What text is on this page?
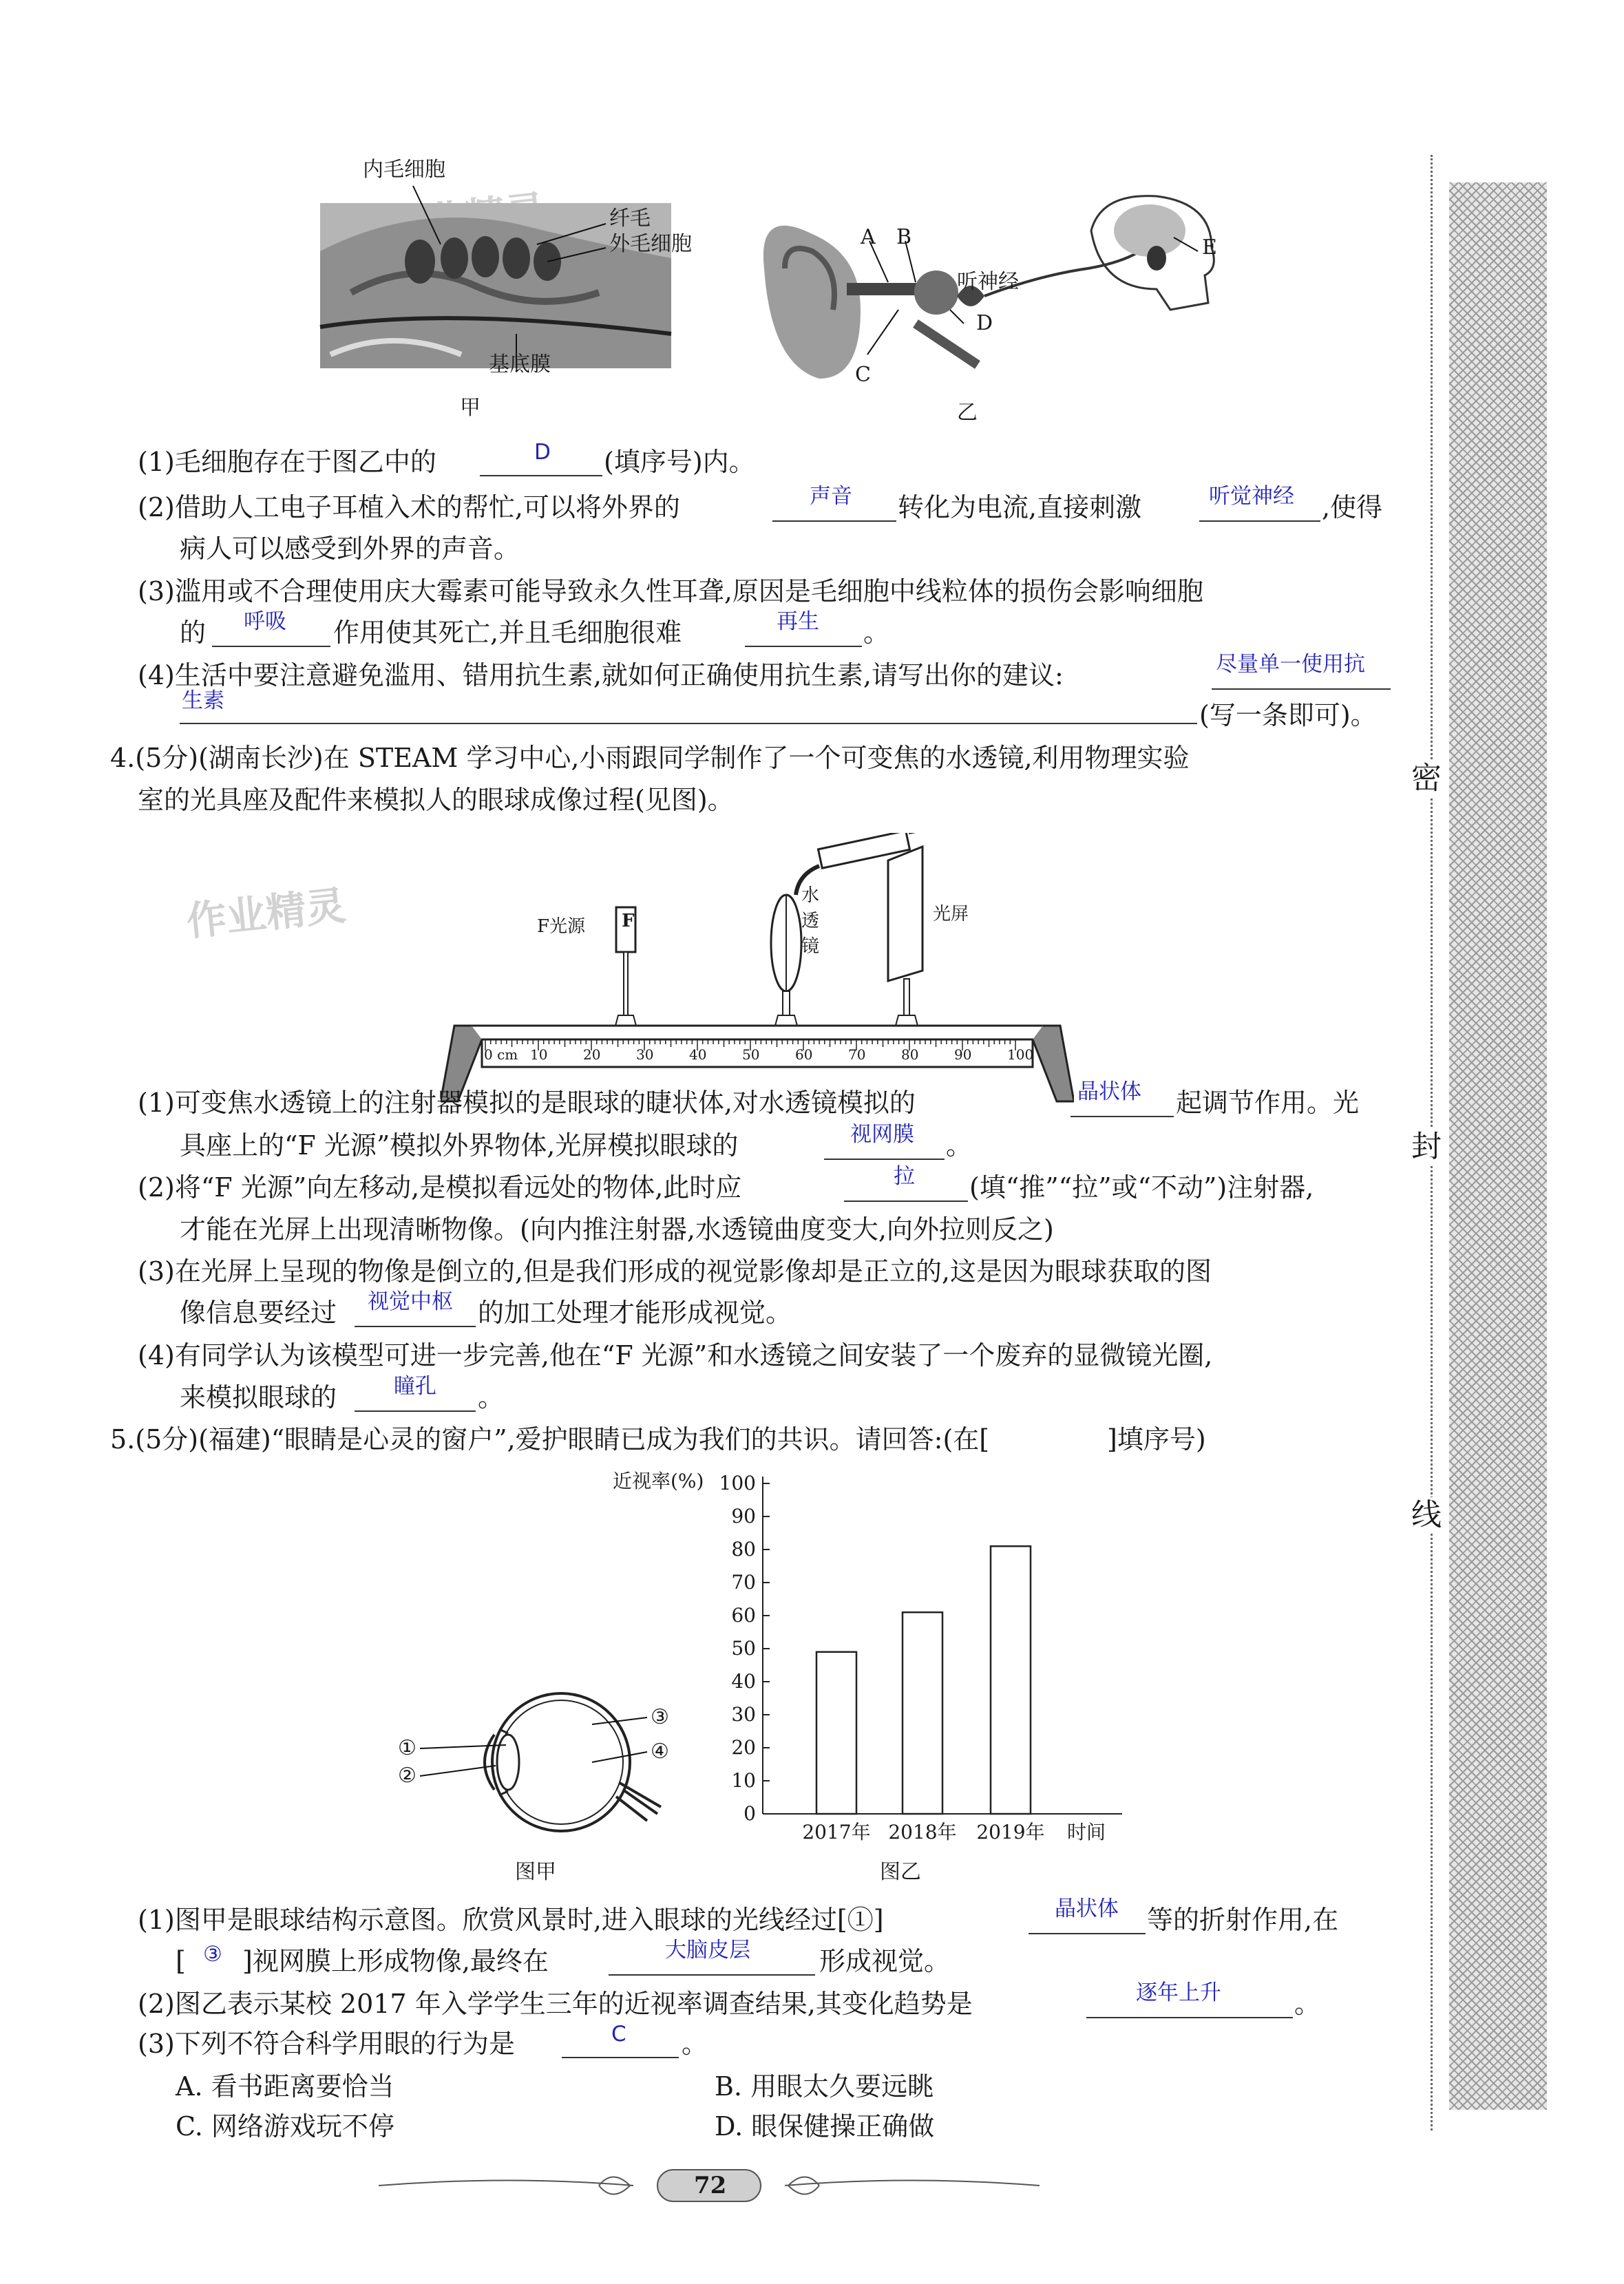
密
封
线
作业精灵
内毛细胞
纤毛
外毛细胞
基底膜
甲
A B	E
听神经
D
C
乙
(1)毛细胞存在于图乙中的	D (填序号)内。
(2)借助人工电子耳植入术的帮忙,可以将外界的	声音 转化为电流,直接刺激	听觉神经 ,使得
病人可以感受到外界的声音。
(3)滥用或不合理使用庆大霉素可能导致永久性耳聋,原因是毛细胞中线粒体的损伤会影响细胞
的 呼吸 作用使其死亡,并且毛细胞很难	再生 。
(4)生活中要注意避免滥用、错用抗生素,就如何正确使用抗生素,请写出你的建议:	尽量单一使用抗
生素	(写一条即可)。
4.(5分)(湖南长沙)在 STEAM 学习中心,小雨跟同学制作了一个可变焦的水透镜,利用物理实验
室的光具座及配件来模拟人的眼球成像过程(见图)。
F光源 F
水
透
镜
光屏
0 cm 10	20	30	40	50	60	70	80	90	100
(1)可变焦水透镜上的注射器模拟的是眼球的睫状体,对水透镜模拟的	晶状体 起调节作用。光
具座上的“F 光源”模拟外界物体,光屏模拟眼球的	视网膜 。
(2)将“F 光源”向左移动,是模拟看远处的物体,此时应	拉 (填“推”“拉”或“不动”)注射器,
才能在光屏上出现清晰物像。(向内推注射器,水透镜曲度变大,向外拉则反之)
(3)在光屏上呈现的物像是倒立的,但是我们形成的视觉影像却是正立的,这是因为眼球获取的图
像信息要经过 视觉中枢 的加工处理才能形成视觉。
(4)有同学认为该模型可进一步完善,他在“F 光源”和水透镜之间安装了一个废弃的显微镜光圈,
来模拟眼球的	瞳孔 。
5.(5分)(福建)“眼睛是心灵的窗户”,爱护眼睛已成为我们的共识。请回答:(在[	]填序号)
③
④
①
②
图甲
近视率(%)
0
10
20
30
40
50
60
70
80
90
100
2017年 2018年 2019年 时间
图乙
(1)图甲是眼球结构示意图。欣赏风景时,进入眼球的光线经过[①]	晶状体 等的折射作用,在
[ ③ ]视网膜上形成物像,最终在	大脑皮层	形成视觉。
(2)图乙表示某校 2017 年入学学生三年的近视率调查结果,其变化趋势是	逐年上升	。
(3)下列不符合科学用眼的行为是	C 。
A. 看书距离要恰当	B. 用眼太久要远眺
C. 网络游戏玩不停	D. 眼保健操正确做
72
